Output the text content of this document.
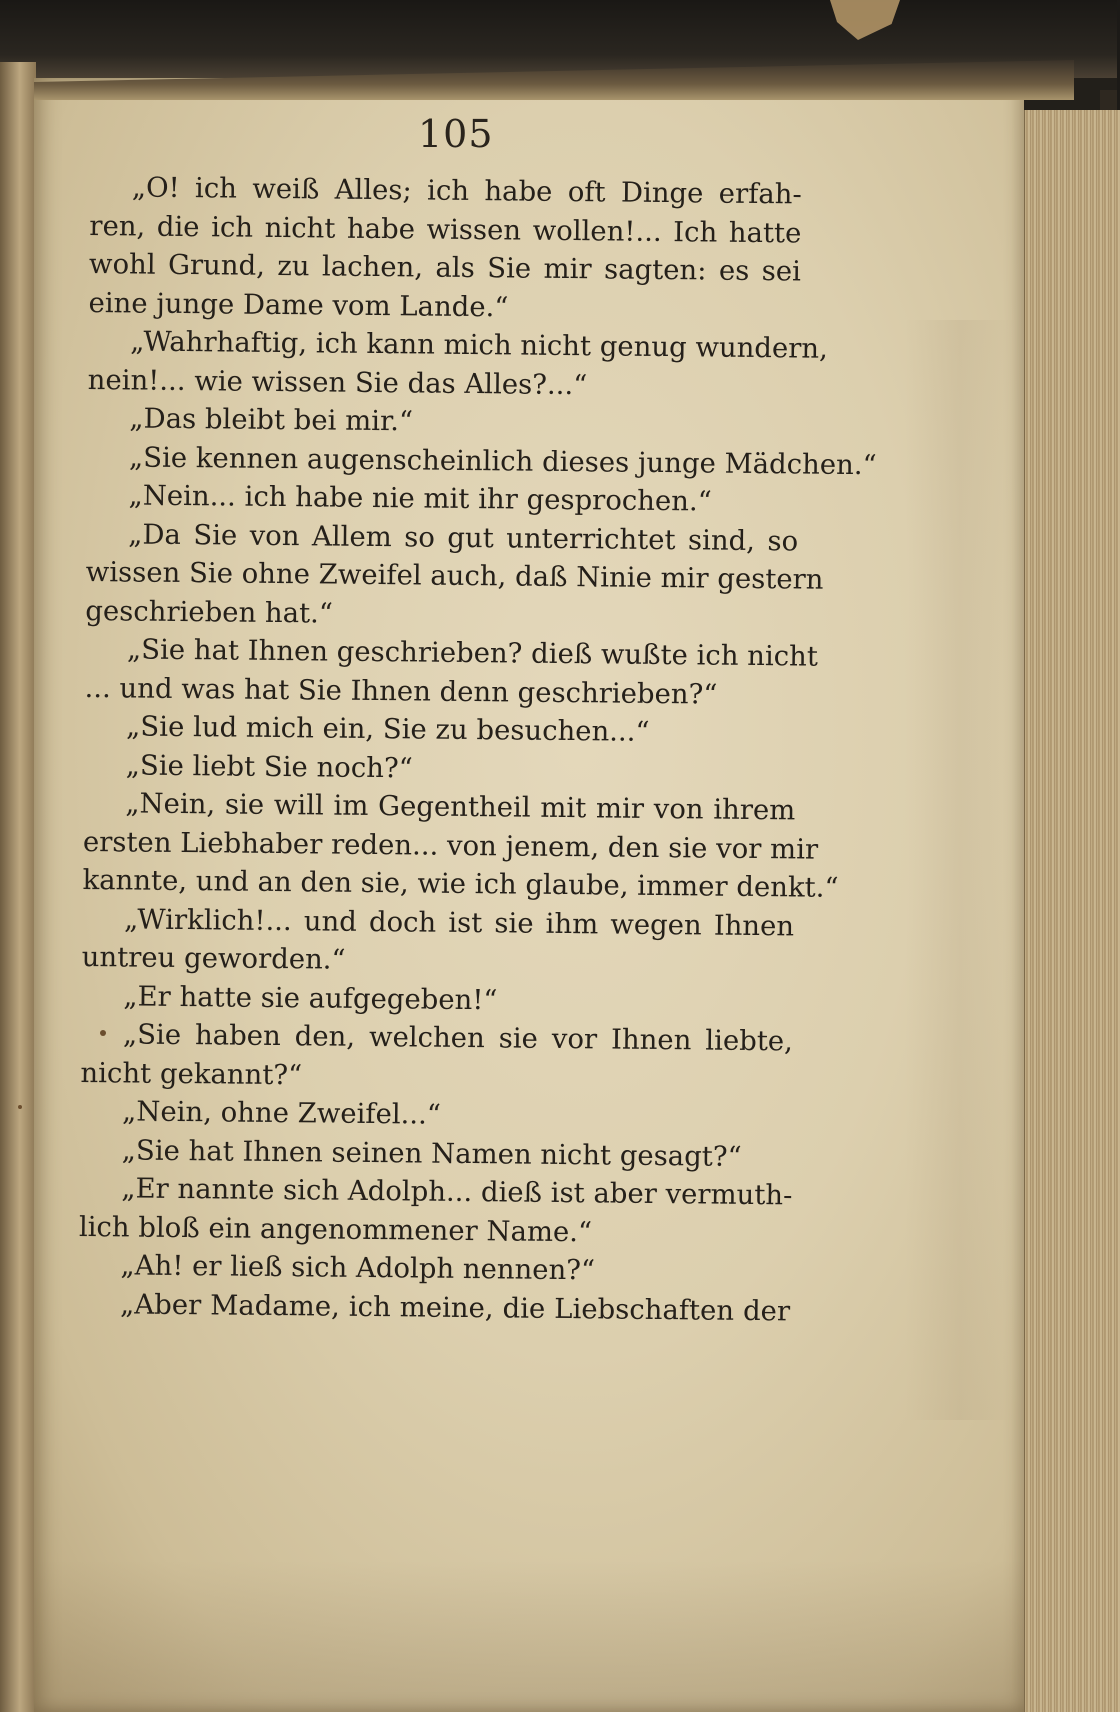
105
„O! ich weiß Alles; ich habe oft Dinge erfah-
ren, die ich nicht habe wissen wollen!... Ich hatte
wohl Grund, zu lachen, als Sie mir sagten: es sei
eine junge Dame vom Lande.“
„Wahrhaftig, ich kann mich nicht genug wundern,
nein!... wie wissen Sie das Alles?...“
„Das bleibt bei mir.“
„Sie kennen augenscheinlich dieses junge Mädchen.“
„Nein... ich habe nie mit ihr gesprochen.“
„Da Sie von Allem so gut unterrichtet sind, so
wissen Sie ohne Zweifel auch, daß Ninie mir gestern
geschrieben hat.“
„Sie hat Ihnen geschrieben? dieß wußte ich nicht
... und was hat Sie Ihnen denn geschrieben?“
„Sie lud mich ein, Sie zu besuchen...“
„Sie liebt Sie noch?“
„Nein, sie will im Gegentheil mit mir von ihrem
ersten Liebhaber reden... von jenem, den sie vor mir
kannte, und an den sie, wie ich glaube, immer denkt.“
„Wirklich!... und doch ist sie ihm wegen Ihnen
untreu geworden.“
„Er hatte sie aufgegeben!“
„Sie haben den, welchen sie vor Ihnen liebte,
nicht gekannt?“
„Nein, ohne Zweifel...“
„Sie hat Ihnen seinen Namen nicht gesagt?“
„Er nannte sich Adolph... dieß ist aber vermuth-
lich bloß ein angenommener Name.“
„Ah! er ließ sich Adolph nennen?“
„Aber Madame, ich meine, die Liebschaften der
